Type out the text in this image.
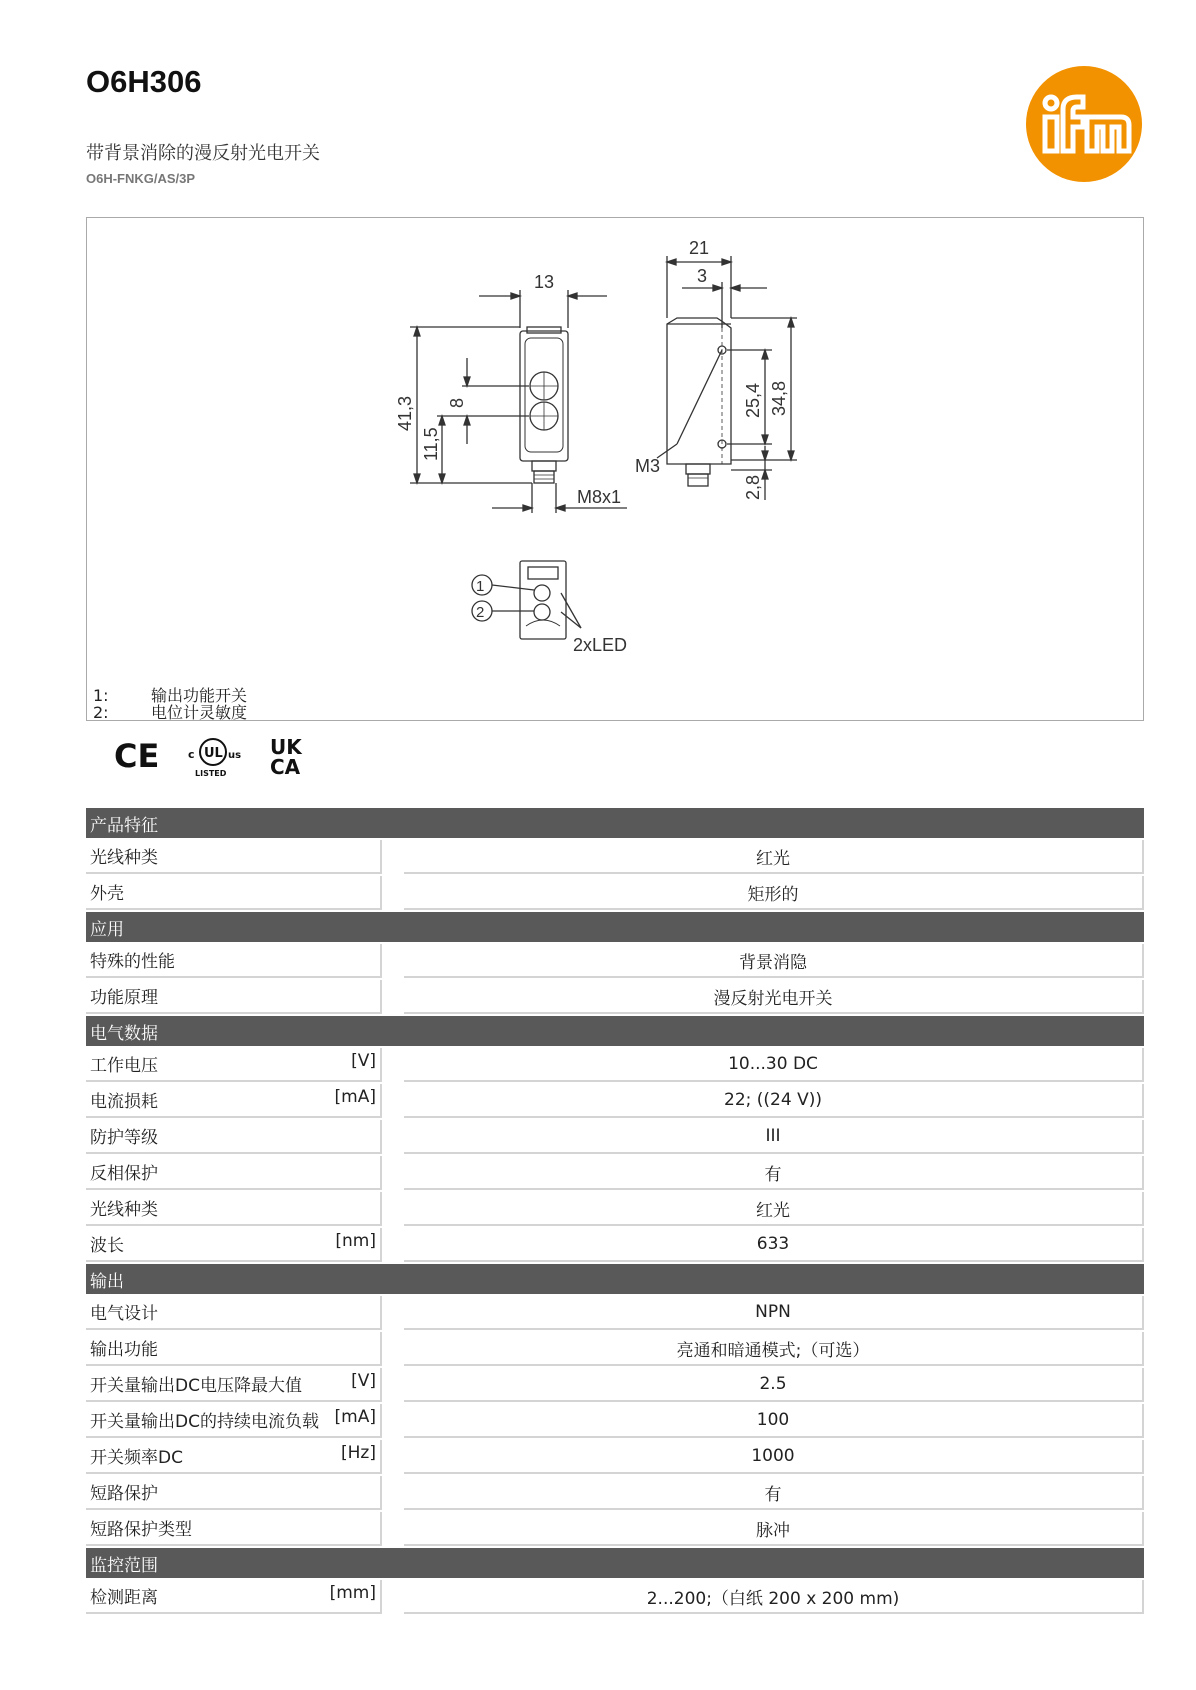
O6H306
带背景消除的漫反射光电开关
O6H-FNKG/AS/3P	ifm
13
21
3
41,3
11,5
8	25,4 34,8
2,8
M8x1
M3
2xLED
1
2
1:	输出功能开关
2:	电位计灵敏度
CE	c UL us
LISTED
UK
CA
产品特征		

光线种类		红光

外壳		矩形的

应用		

特殊的性能		背景消隐

功能原理		漫反射光电开关

电气数据		

工作电压 [V]		10...30 DC

电流损耗 [mA]		22; ((24 V))

防护等级		III

反相保护		有

光线种类		红光

波长 [nm]		633

输出		

电气设计		NPN

输出功能		亮通和暗通模式;（可选）

开关量输出DC电压降最大值 [V]		2.5

开关量输出DC的持续电流负载 [mA]		100

开关频率DC [Hz]		1000

短路保护		有

短路保护类型		脉冲

监控范围		

检测距离 [mm]		2...200;（白纸 200 x 200 mm)
